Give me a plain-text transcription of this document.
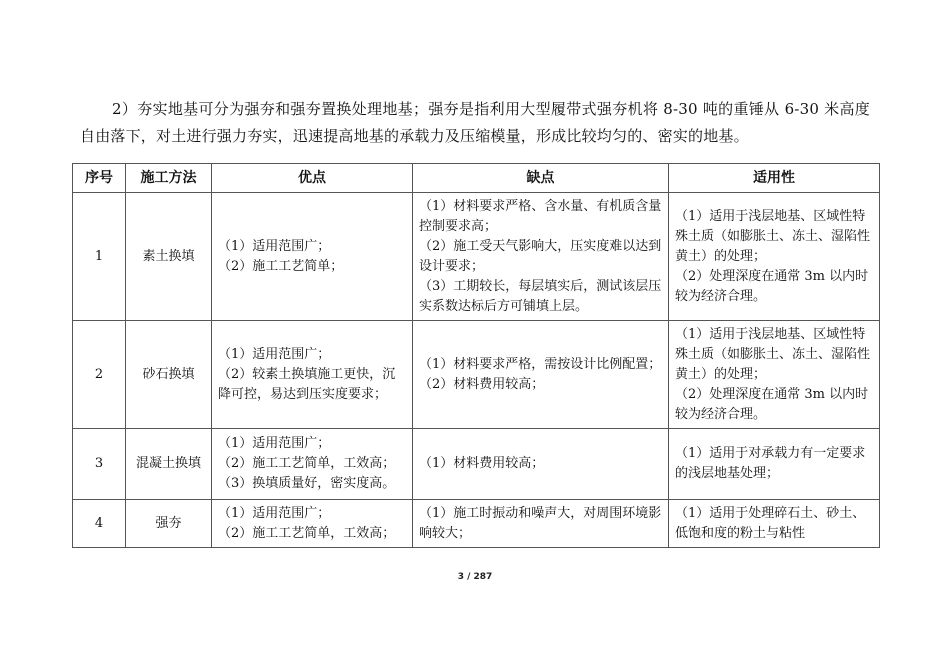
2）夯实地基可分为强夯和强夯置换处理地基；强夯是指利用大型履带式强夯机将 8-30 吨的重锤从 6-30 米高度自由落下，对土进行强力夯实，迅速提高地基的承载力及压缩模量，形成比较均匀的、密实的地基。

序号	施工方法	优点	缺点	适用性
1	素土换填	（1）适用范围广；
（2）施工工艺简单；	（1）材料要求严格、含水量、有机质含量控制要求高；
（2）施工受天气影响大，压实度难以达到设计要求；
（3）工期较长，每层填实后，测试该层压实系数达标后方可铺填上层。	（1）适用于浅层地基、区域性特殊土质（如膨胀土、冻土、湿陷性黄土）的处理；
（2）处理深度在通常 3m 以内时较为经济合理。

2	砂石换填	（1）适用范围广；
（2）较素土换填施工更快，沉降可控，易达到压实度要求；	（1）材料要求严格，需按设计比例配置；
（2）材料费用较高；	（1）适用于浅层地基、区域性特殊土质（如膨胀土、冻土、湿陷性黄土）的处理；
（2）处理深度在通常 3m 以内时较为经济合理。

3	混凝土换填	（1）适用范围广；
（2）施工工艺简单，工效高；
（3）换填质量好，密实度高。	（1）材料费用较高；	（1）适用于对承载力有一定要求的浅层地基处理；

4	强夯	（1）适用范围广；
（2）施工工艺简单，工效高；	（1）施工时振动和噪声大，对周围环境影响较大；	（1）适用于处理碎石土、砂土、低饱和度的粉土与粘性
3 / 287
